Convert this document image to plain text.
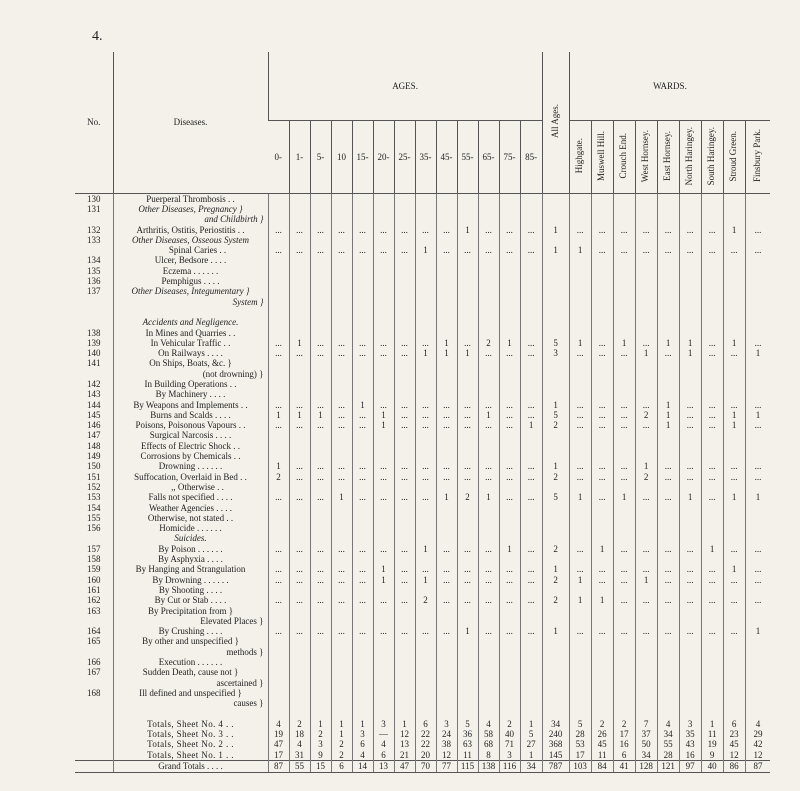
4.
No.	Diseases.	AGES.													All Ages.	WARDS.								
		0-	1-	5-	10	15-	20-	25-	35-	45-	55-	65-	75-	85-		Highgate.	Muswell Hill.	Crouch End.	West Hornsey.	East Hornsey.	North Haringey.	South Haringey.	Stroud Green.	Finsbury Park.
130	Puerperal Thrombosis . .																							
131	Other Diseases, Pregnancy }																							
	and Childbirth }																							
132	Arthritis, Ostitis, Periostitis . .	...	...	...	...	...	...	...	...	...	1	...	...	...	1	...	...	...	...	...	...	...	1	...
133	Other Diseases, Osseous System																							
	Spinal Caries . .	...	...	...	...	...	...	...	1	...	...	...	...	...	1	1	...	...	...	...	...	...	...	...
134	Ulcer, Bedsore . . . .																							
135	Eczema . . . . . .																							
136	Pemphigus . . . .																							
137	Other Diseases, Integumentary }																							
	System }																							

	Accidents and Negligence.																							
138	In Mines and Quarries . .																							
139	In Vehicular Traffic . .	...	1	...	...	...	...	...	...	1	...	2	1	...	5	1	...	1	...	1	1	...	1	...
140	On Railways . . . .	...	...	...	...	...	...	...	1	1	1	...	...	...	3	...	...	...	1	...	1	...	...	1
141	On Ships, Boats, &c. }																							
	(not drowning) }																							
142	In Building Operations . .																							
143	By Machinery . . . .																							
144	By Weapons and Implements . .	...	...	...	...	1	...	...	...	...	...	...	...	...	1	...	...	...	...	1	...	...	...	...
145	Burns and Scalds . . . .	1	1	1	...	...	1	...	...	...	...	1	...	...	5	...	...	...	2	1	...	...	1	1
146	Poisons, Poisonous Vapours . .	...	...	...	...	...	1	...	...	...	...	...	...	1	2	...	...	...	...	1	...	...	1	...
147	Surgical Narcosis . . . .																							
148	Effects of Electric Shock . .																							
149	Corrosions by Chemicals . .																							
150	Drowning . . . . . .	1	...	...	...	...	...	...	...	...	...	...	...	...	1	...	...	...	1	...	...	...	...	...
151	Suffocation, Overlaid in Bed . .	2	...	...	...	...	...	...	...	...	...	...	...	...	2	...	...	...	2	...	...	...	...	...
152	,, Otherwise . .																							
153	Falls not specified . . . .	...	...	...	1	...	...	...	...	1	2	1	...	...	5	1	...	1	...	...	1	...	1	1
154	Weather Agencies . . . .																							
155	Otherwise, not stated . .																							
156	Homicide . . . . . .																							
	Suicides.																							
157	By Poison . . . . . .	...	...	...	...	...	...	...	1	...	...	...	1	...	2	...	1	...	...	...	...	1	...	...
158	By Asphyxia . . . .																							
159	By Hanging and Strangulation	...	...	...	...	...	1	...	...	...	...	...	...	...	1	...	...	...	...	...	...	...	1	...
160	By Drowning . . . . . .	...	...	...	...	...	1	...	1	...	...	...	...	...	2	1	...	...	1	...	...	...	...	...
161	By Shooting . . . .																							
162	By Cut or Stab . . . .	...	...	...	...	...	...	...	2	...	...	...	...	...	2	1	1	...	...	...	...	...	...	...
163	By Precipitation from }																							
	Elevated Places }																							
164	By Crushing . . . .	...	...	...	...	...	...	...	...	...	1	...	...	...	1	...	...	...	...	...	...	...	...	1
165	By other and unspecified }																							
	methods }																							
166	Execution . . . . . .																							
167	Sudden Death, cause not }																							
	ascertained }																							
168	Ill defined and unspecified }																							
	causes }																							

	Totals, Sheet No. 4 . .	4	2	1	1	1	3	1	6	3	5	4	2	1	34	5	2	2	7	4	3	1	6	4
	Totals, Sheet No. 3 . .	19	18	2	1	3	—	12	22	24	36	58	40	5	240	28	26	17	37	34	35	11	23	29
	Totals, Sheet No. 2 . .	47	4	3	2	6	4	13	22	38	63	68	71	27	368	53	45	16	50	55	43	19	45	42
	Totals, Sheet No. 1 . .	17	31	9	2	4	6	21	20	12	11	8	3	1	145	17	11	6	34	28	16	9	12	12
	Grand Totals . . . .	87	55	15	6	14	13	47	70	77	115	138	116	34	787	103	84	41	128	121	97	40	86	87
